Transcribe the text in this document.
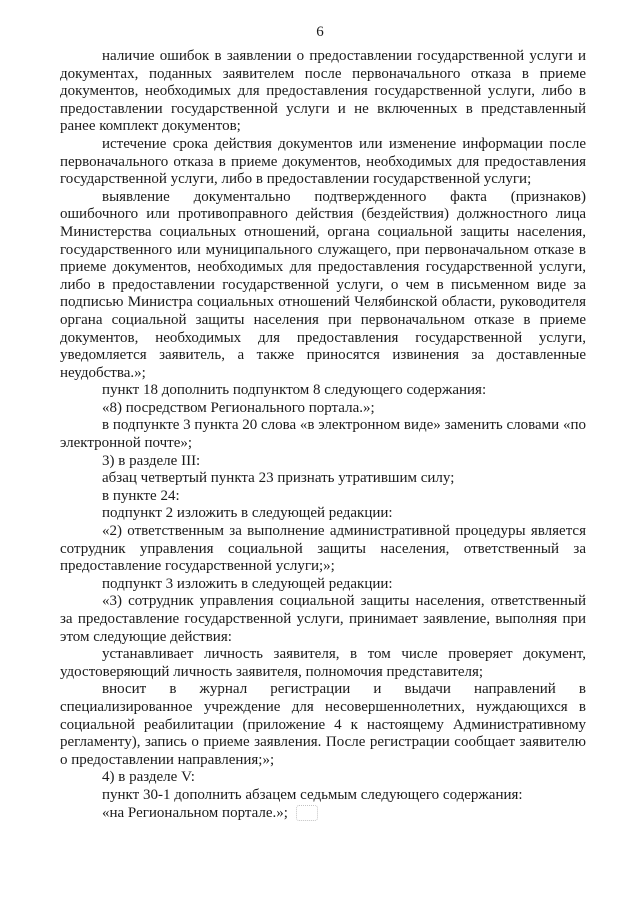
6

наличие ошибок в заявлении о предоставлении государственной услуги и документах, поданных заявителем после первоначального отказа в приеме документов, необходимых для предоставления государственной услуги, либо в предоставлении государственной услуги и не включенных в представленный ранее комплект документов;

истечение срока действия документов или изменение информации после первоначального отказа в приеме документов, необходимых для предоставления государственной услуги, либо в предоставлении государственной услуги;

выявление документально подтвержденного факта (признаков) ошибочного или противоправного действия (бездействия) должностного лица Министерства социальных отношений, органа социальной защиты населения, государственного или муниципального служащего, при первоначальном отказе в приеме документов, необходимых для предоставления государственной услуги, либо в предоставлении государственной услуги, о чем в письменном виде за подписью Министра социальных отношений Челябинской области, руководителя органа социальной защиты населения при первоначальном отказе в приеме документов, необходимых для предоставления государственной услуги, уведомляется заявитель, а также приносятся извинения за доставленные неудобства.»;

пункт 18 дополнить подпунктом 8 следующего содержания:

«8) посредством Регионального портала.»;

в подпункте 3 пункта 20 слова «в электронном виде» заменить словами «по электронной почте»;

3) в разделе III:

абзац четвертый пункта 23 признать утратившим силу;

в пункте 24:

подпункт 2 изложить в следующей редакции:

«2) ответственным за выполнение административной процедуры является сотрудник управления социальной защиты населения, ответственный за предоставление государственной услуги;»;

подпункт 3 изложить в следующей редакции:

«3) сотрудник управления социальной защиты населения, ответственный за предоставление государственной услуги, принимает заявление, выполняя при этом следующие действия:

устанавливает личность заявителя, в том числе проверяет документ, удостоверяющий личность заявителя, полномочия представителя;

вносит в журнал регистрации и выдачи направлений в специализированное учреждение для несовершеннолетних, нуждающихся в социальной реабилитации (приложение 4 к настоящему Административному регламенту), запись о приеме заявления. После регистрации сообщает заявителю о предоставлении направления;»;

4) в разделе V:

пункт 30-1 дополнить абзацем седьмым следующего содержания:

«на Региональном портале.»;
